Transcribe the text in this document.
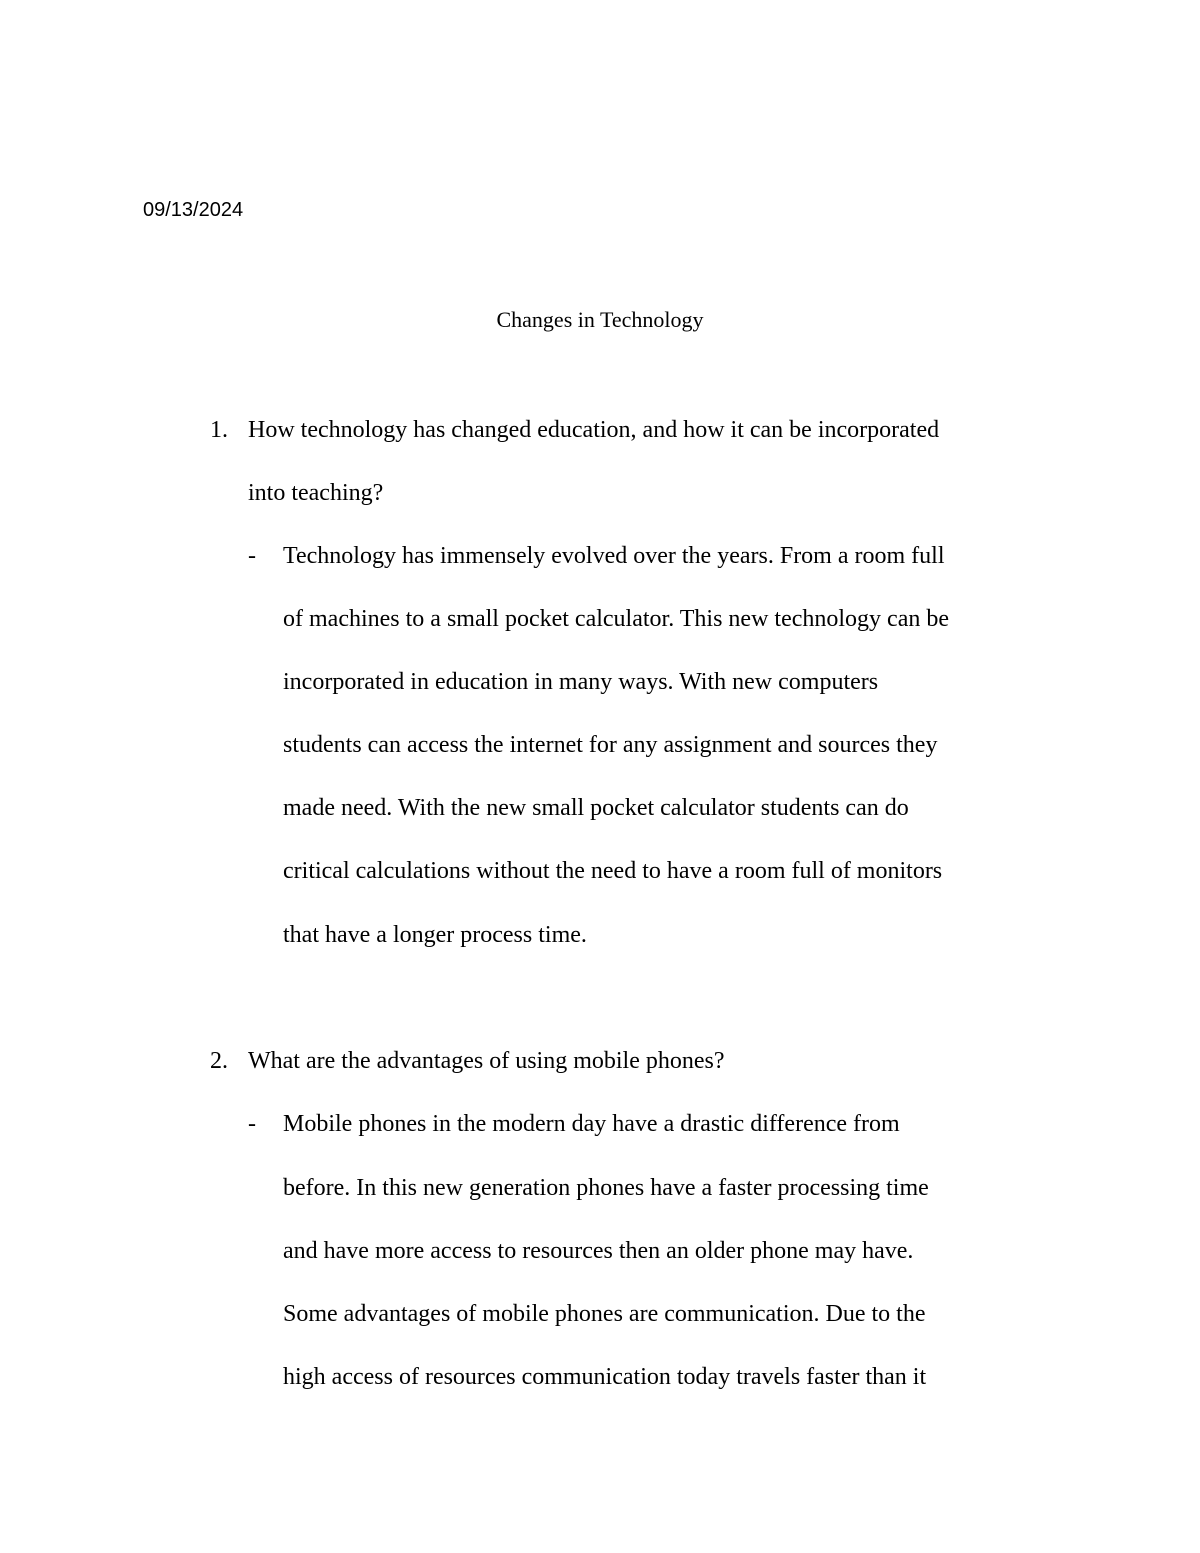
09/13/2024
Changes in Technology
1. How technology has changed education, and how it can be incorporated
into teaching?
- Technology has immensely evolved over the years. From a room full
of machines to a small pocket calculator. This new technology can be
incorporated in education in many ways. With new computers
students can access the internet for any assignment and sources they
made need. With the new small pocket calculator students can do
critical calculations without the need to have a room full of monitors
that have a longer process time.
2. What are the advantages of using mobile phones?
- Mobile phones in the modern day have a drastic difference from
before. In this new generation phones have a faster processing time
and have more access to resources then an older phone may have.
Some advantages of mobile phones are communication. Due to the
high access of resources communication today travels faster than it
